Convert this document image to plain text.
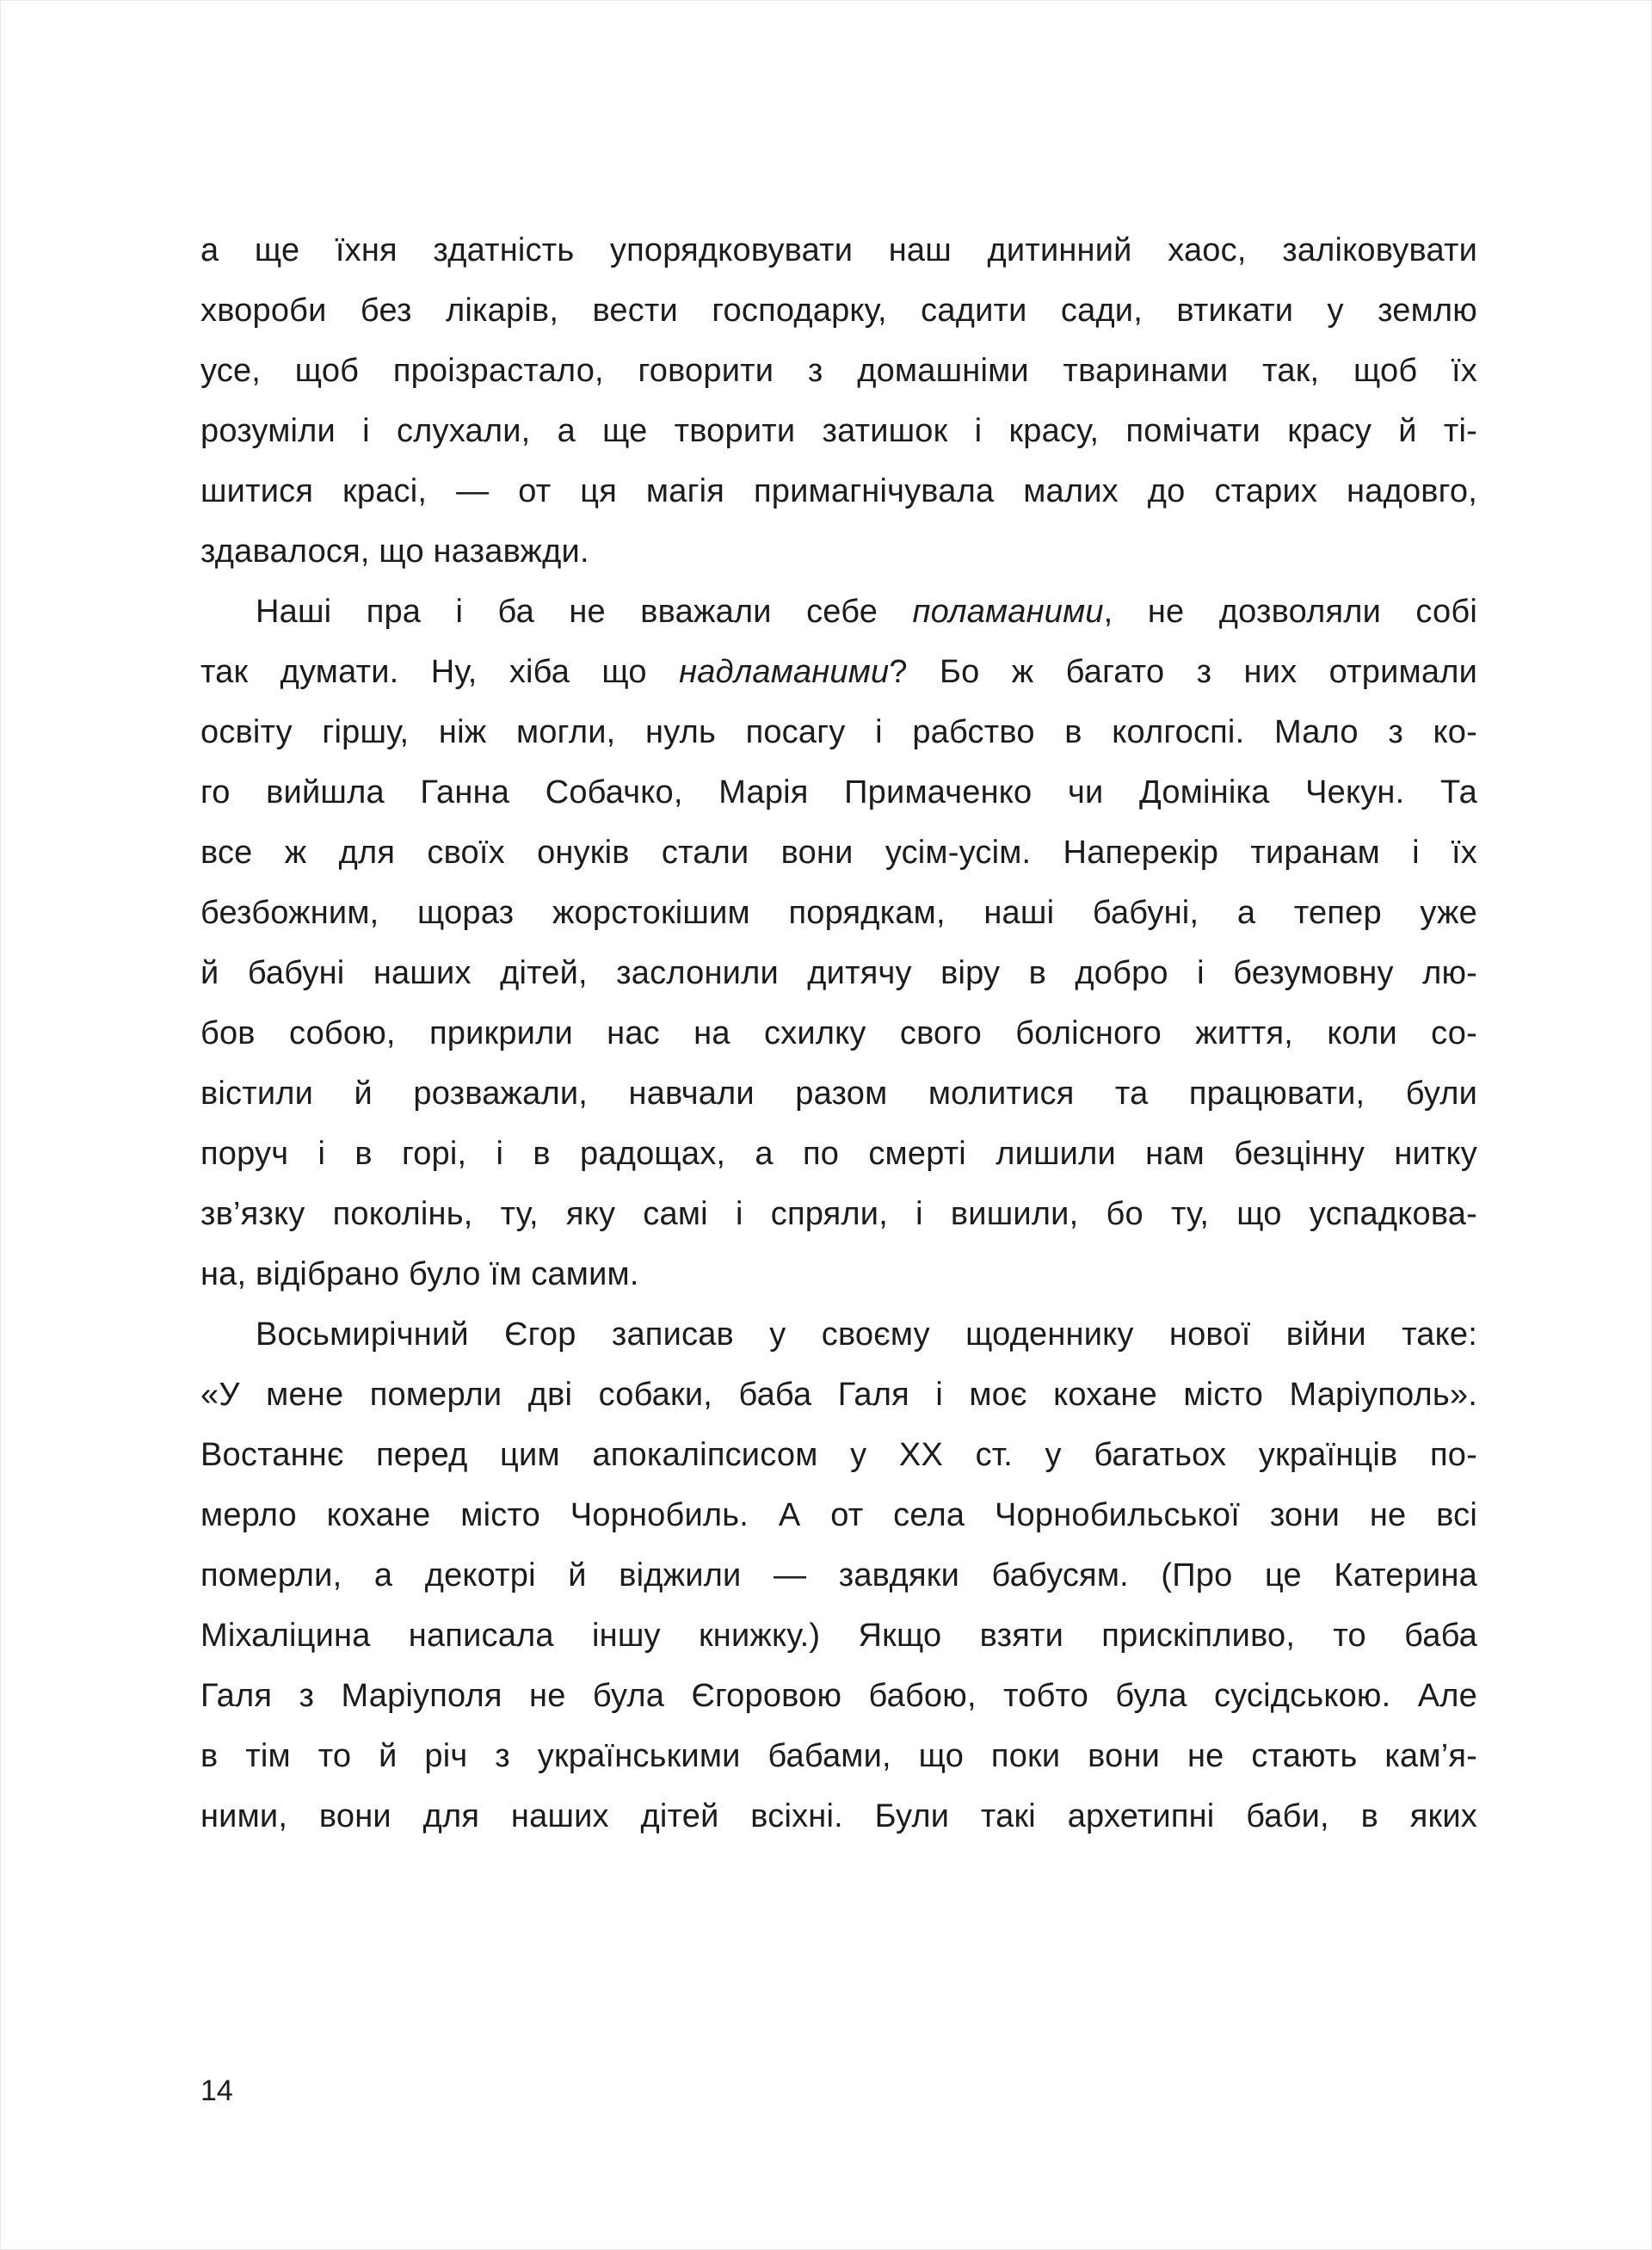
а ще їхня здатність упорядковувати наш дитинний хаос, заліковувати
хвороби без лікарів, вести господарку, садити сади, втикати у землю
усе, щоб проізрастало, говорити з домашніми тваринами так, щоб їх
розуміли і слухали, а ще творити затишок і красу, помічати красу й ті-
шитися красі, — от ця магія примагнічувала малих до старих надовго,
здавалося, що назавжди.
Наші пра і ба не вважали себе поламаними, не дозволяли собі
так думати. Ну, хіба що надламаними? Бо ж багато з них отримали
освіту гіршу, ніж могли, нуль посагу і рабство в колгоспі. Мало з ко-
го вийшла Ганна Собачко, Марія Примаченко чи Домініка Чекун. Та
все ж для своїх онуків стали вони усім-усім. Наперекір тиранам і їх
безбожним, щораз жорстокішим порядкам, наші бабуні, а тепер уже
й бабуні наших дітей, заслонили дитячу віру в добро і безумовну лю-
бов собою, прикрили нас на схилку свого болісного життя, коли со-
вістили й розважали, навчали разом молитися та працювати, були
поруч і в горі, і в радощах, а по смерті лишили нам безцінну нитку
зв’язку поколінь, ту, яку самі і спряли, і вишили, бо ту, що успадкова-
на, відібрано було їм самим.
Восьмирічний Єгор записав у своєму щоденнику нової війни таке:
«У мене померли дві собаки, баба Галя і моє кохане місто Маріуполь».
Востаннє перед цим апокаліпсисом у XX ст. у багатьох українців по-
мерло кохане місто Чорнобиль. А от села Чорнобильської зони не всі
померли, а декотрі й віджили — завдяки бабусям. (Про це Катерина
Міхаліцина написала іншу книжку.) Якщо взяти прискіпливо, то баба
Галя з Маріуполя не була Єгоровою бабою, тобто була сусідською. Але
в тім то й річ з українськими бабами, що поки вони не стають кам’я-
ними, вони для наших дітей всіхні. Були такі архетипні баби, в яких
14
